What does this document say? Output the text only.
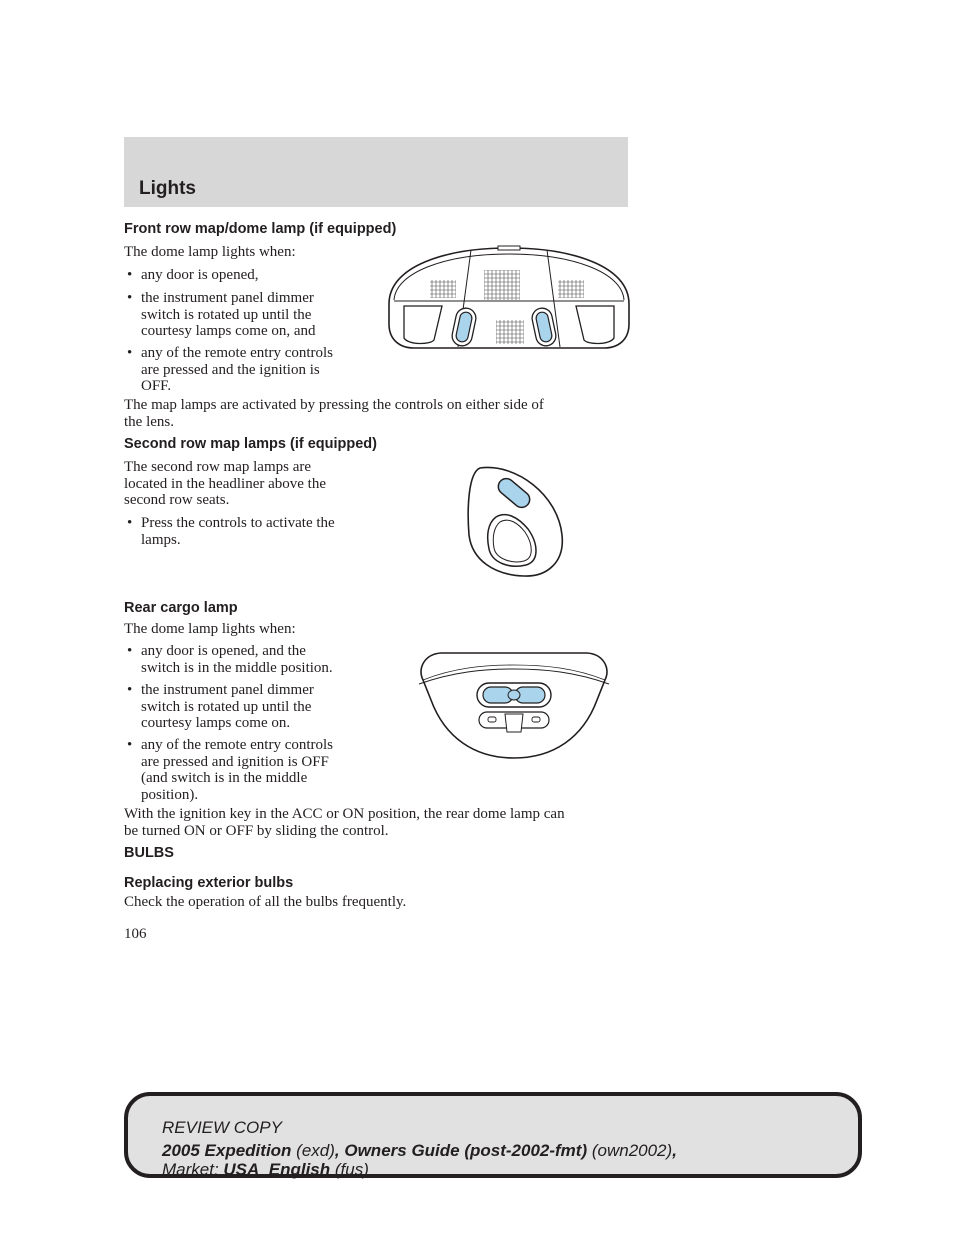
Lights
Front row map/dome lamp (if equipped)
The dome lamp lights when:
• any door is opened,
• the instrument panel dimmer
switch is rotated up until the
courtesy lamps come on, and
• any of the remote entry controls
are pressed and the ignition is
OFF.
The map lamps are activated by pressing the controls on either side of
the lens.
Second row map lamps (if equipped)
The second row map lamps are
located in the headliner above the
second row seats.
• Press the controls to activate the
lamps.
Rear cargo lamp
The dome lamp lights when:
• any door is opened, and the
switch is in the middle position.
• the instrument panel dimmer
switch is rotated up until the
courtesy lamps come on.
• any of the remote entry controls
are pressed and ignition is OFF
(and switch is in the middle
position).
With the ignition key in the ACC or ON position, the rear dome lamp can
be turned ON or OFF by sliding the control.
BULBS
Replacing exterior bulbs
Check the operation of all the bulbs frequently.
106
REVIEW COPY
2005 Expedition (exd), Owners Guide (post-2002-fmt) (own2002),
Market: USA_English (fus)
